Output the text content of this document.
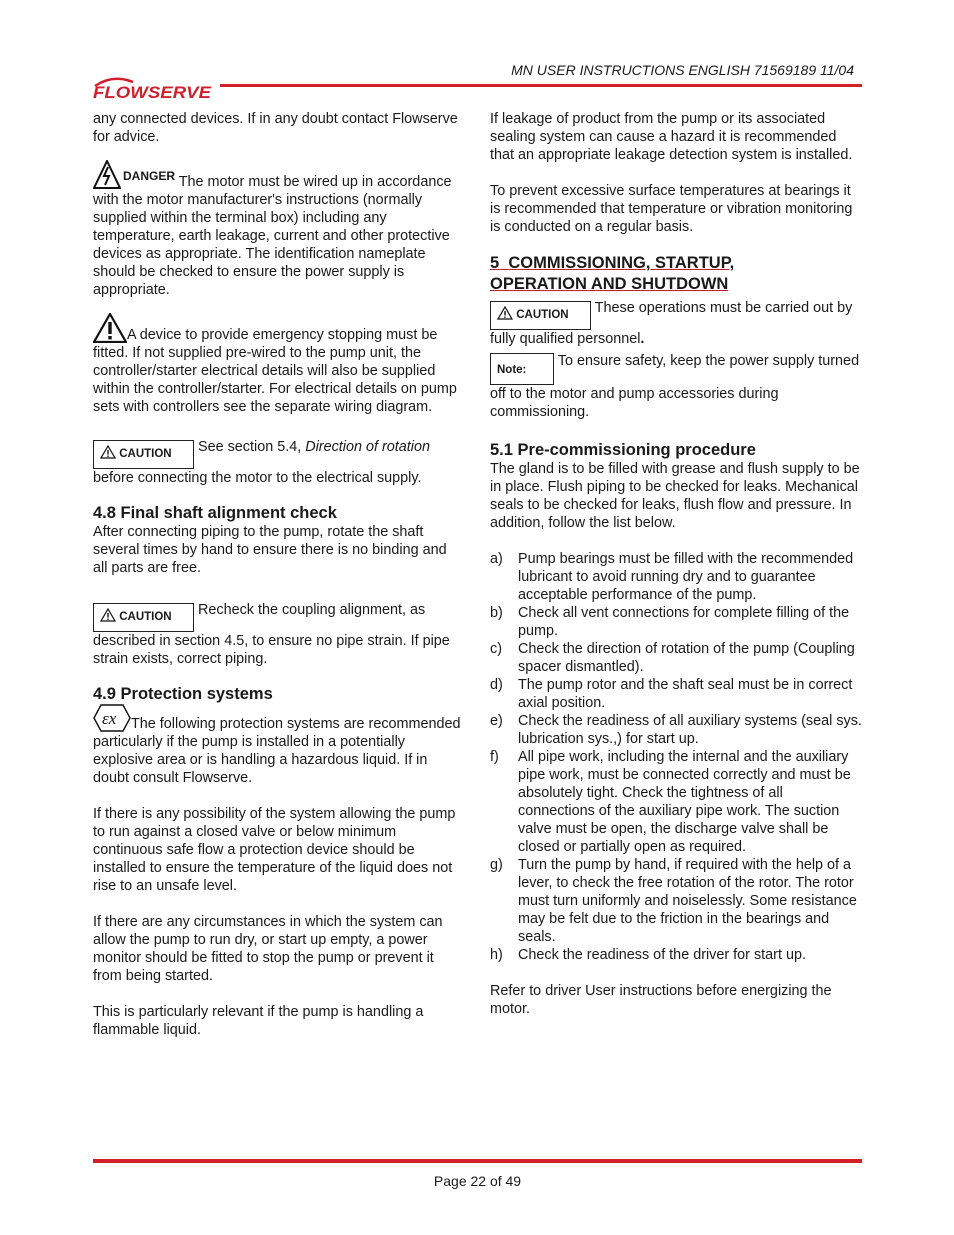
MN USER INSTRUCTIONS ENGLISH 71569189 11/04
FLOWSERVE

any connected devices. If in any doubt contact Flowserve for advice.

$^{DANGER}$ The motor must be wired up in accordance with the motor manufacturer's instructions (normally supplied within the terminal box) including any temperature, earth leakage, current and other protective devices as appropriate. The identification nameplate should be checked to ensure the power supply is appropriate.

A device to provide emergency stopping must be fitted. If not supplied pre-wired to the pump unit, the controller/starter electrical details will also be supplied within the controller/starter. For electrical details on pump sets with controllers see the separate wiring diagram.

CAUTION See section 5.4, Direction of rotation before connecting the motor to the electrical supply.

4.8 Final shaft alignment check

After connecting piping to the pump, rotate the shaft several times by hand to ensure there is no binding and all parts are free.

CAUTION Recheck the coupling alignment, as described in section 4.5, to ensure no pipe strain. If pipe strain exists, correct piping.

4.9 Protection systems

εx The following protection systems are recommended particularly if the pump is installed in a potentially explosive area or is handling a hazardous liquid. If in doubt consult Flowserve.

If there is any possibility of the system allowing the pump to run against a closed valve or below minimum continuous safe flow a protection device should be installed to ensure the temperature of the liquid does not rise to an unsafe level.

If there are any circumstances in which the system can allow the pump to run dry, or start up empty, a power monitor should be fitted to stop the pump or prevent it from being started.

This is particularly relevant if the pump is handling a flammable liquid.

If leakage of product from the pump or its associated sealing system can cause a hazard it is recommended that an appropriate leakage detection system is installed.

To prevent excessive surface temperatures at bearings it is recommended that temperature or vibration monitoring is conducted on a regular basis.

5 COMMISSIONING, STARTUP,
OPERATION AND SHUTDOWN

CAUTION These operations must be carried out by fully qualified personnel.

Note: To ensure safety, keep the power supply turned off to the motor and pump accessories during commissioning.

5.1 Pre-commissioning procedure

The gland is to be filled with grease and flush supply to be in place. Flush piping to be checked for leaks. Mechanical seals to be checked for leaks, flush flow and pressure. In addition, follow the list below.

a) Pump bearings must be filled with the recommended lubricant to avoid running dry and to guarantee acceptable performance of the pump.
b) Check all vent connections for complete filling of the pump.
c) Check the direction of rotation of the pump (Coupling spacer dismantled).
d) The pump rotor and the shaft seal must be in correct axial position.
e) Check the readiness of all auxiliary systems (seal sys. lubrication sys.,) for start up.
f) All pipe work, including the internal and the auxiliary pipe work, must be connected correctly and must be absolutely tight. Check the tightness of all connections of the auxiliary pipe work. The suction valve must be open, the discharge valve shall be closed or partially open as required.
g) Turn the pump by hand, if required with the help of a lever, to check the free rotation of the rotor. The rotor must turn uniformly and noiselessly. Some resistance may be felt due to the friction in the bearings and seals.
h) Check the readiness of the driver for start up.

Refer to driver User instructions before energizing the motor.

Page 22 of 49
